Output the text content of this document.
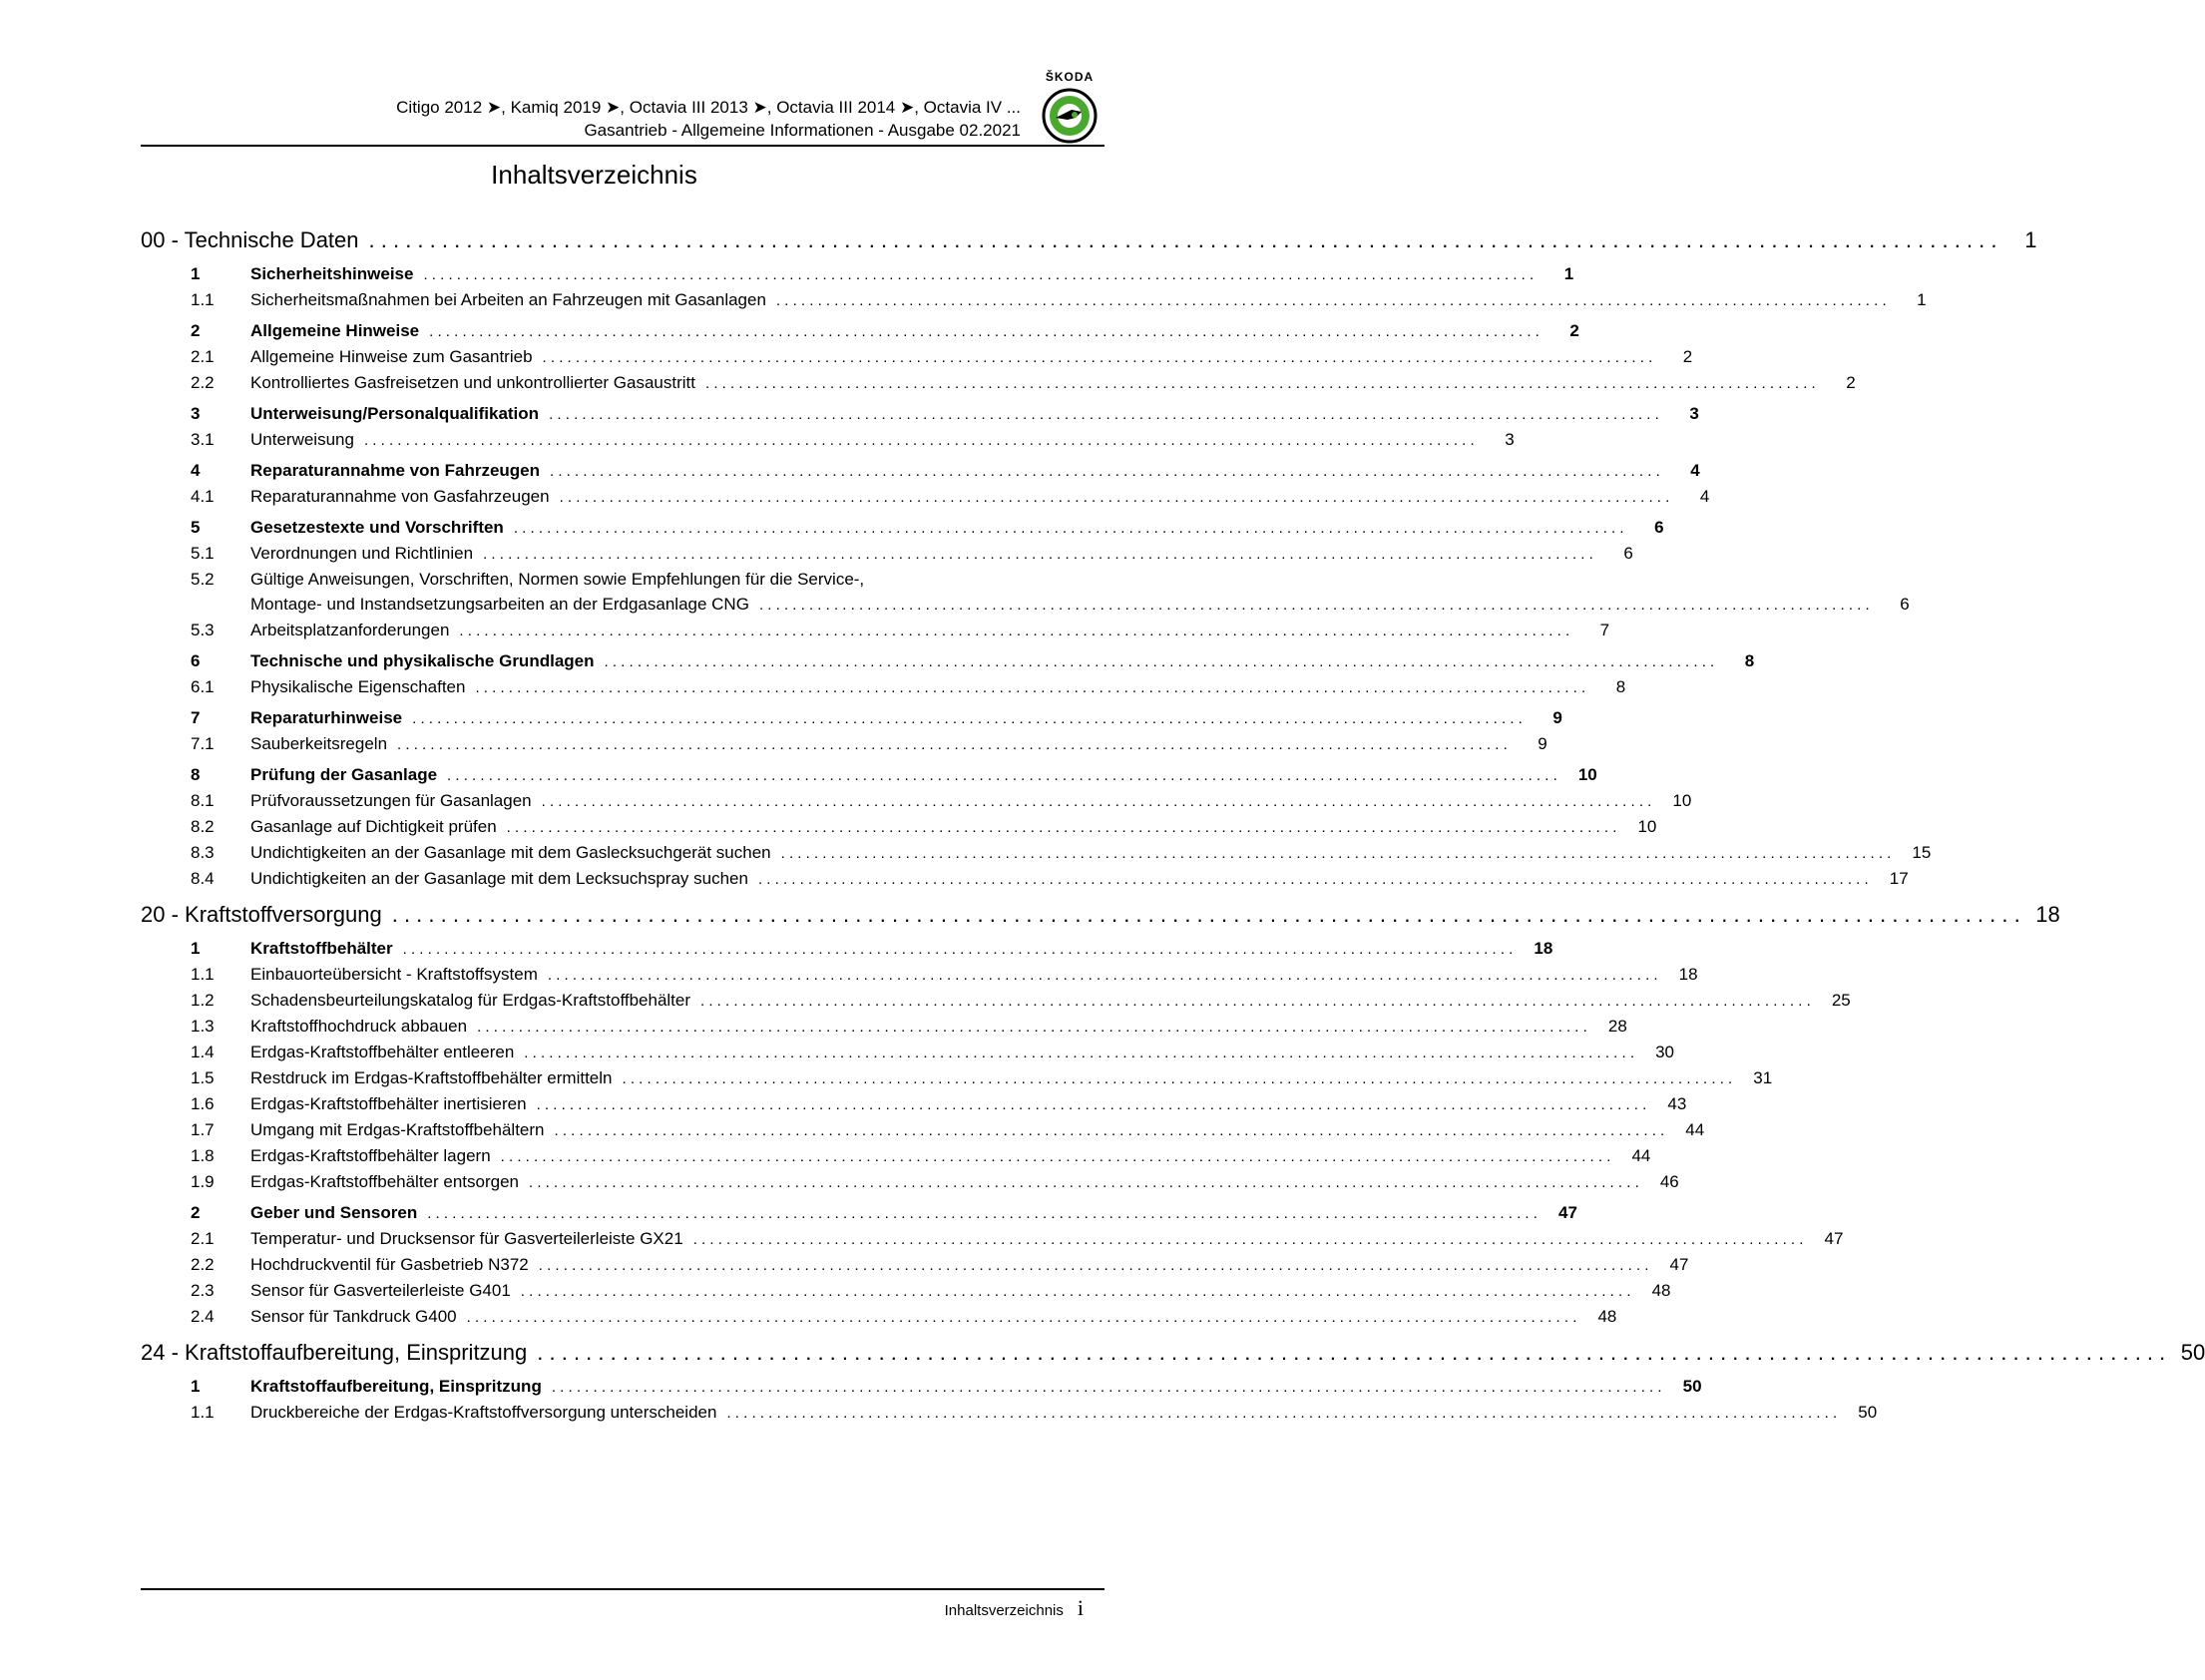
Citigo 2012 ➤, Kamiq 2019 ➤, Octavia III 2013 ➤, Octavia III 2014 ➤, Octavia IV ...
Gasantrieb - Allgemeine Informationen - Ausgabe 02.2021
ŠKODA
Inhaltsverzeichnis
00 - Technische Daten . . .	1
1	Sicherheitshinweise . . .	1
1.1	Sicherheitsmaßnahmen bei Arbeiten an Fahrzeugen mit Gasanlagen . . .	1
2	Allgemeine Hinweise . . .	2
2.1	Allgemeine Hinweise zum Gasantrieb . . .	2
2.2	Kontrolliertes Gasfreisetzen und unkontrollierter Gasaustritt . . .	2
3	Unterweisung/Personalqualifikation . . .	3
3.1	Unterweisung . . .	3
4	Reparaturannahme von Fahrzeugen . . .	4
4.1	Reparaturannahme von Gasfahrzeugen . . .	4
5	Gesetzestexte und Vorschriften . . .	6
5.1	Verordnungen und Richtlinien . . .	6
5.2	Gültige Anweisungen, Vorschriften, Normen sowie Empfehlungen für die Service-,
Montage- und Instandsetzungsarbeiten an der Erdgasanlage CNG . . .	6
5.3	Arbeitsplatzanforderungen . . .	7
6	Technische und physikalische Grundlagen . . .	8
6.1	Physikalische Eigenschaften . . .	8
7	Reparaturhinweise . . .	9
7.1	Sauberkeitsregeln . . .	9
8	Prüfung der Gasanlage . . .	10
8.1	Prüfvoraussetzungen für Gasanlagen . . .	10
8.2	Gasanlage auf Dichtigkeit prüfen . . .	10
8.3	Undichtigkeiten an der Gasanlage mit dem Gaslecksuchgerät suchen . . .	15
8.4	Undichtigkeiten an der Gasanlage mit dem Lecksuchspray suchen . . .	17
20 - Kraftstoffversorgung . . .	18
1	Kraftstoffbehälter . . .	18
1.1	Einbauorteübersicht - Kraftstoffsystem . . .	18
1.2	Schadensbeurteilungskatalog für Erdgas-Kraftstoffbehälter . . .	25
1.3	Kraftstoffhochdruck abbauen . . .	28
1.4	Erdgas-Kraftstoffbehälter entleeren . . .	30
1.5	Restdruck im Erdgas-Kraftstoffbehälter ermitteln . . .	31
1.6	Erdgas-Kraftstoffbehälter inertisieren . . .	43
1.7	Umgang mit Erdgas-Kraftstoffbehältern . . .	44
1.8	Erdgas-Kraftstoffbehälter lagern . . .	44
1.9	Erdgas-Kraftstoffbehälter entsorgen . . .	46
2	Geber und Sensoren . . .	47
2.1	Temperatur- und Drucksensor für Gasverteilerleiste GX21 . . .	47
2.2	Hochdruckventil für Gasbetrieb N372 . . .	47
2.3	Sensor für Gasverteilerleiste G401 . . .	48
2.4	Sensor für Tankdruck G400 . . .	48
24 - Kraftstoffaufbereitung, Einspritzung . . .	50
1	Kraftstoffaufbereitung, Einspritzung . . .	50
1.1	Druckbereiche der Erdgas-Kraftstoffversorgung unterscheiden . . .	50
Inhaltsverzeichnis i
